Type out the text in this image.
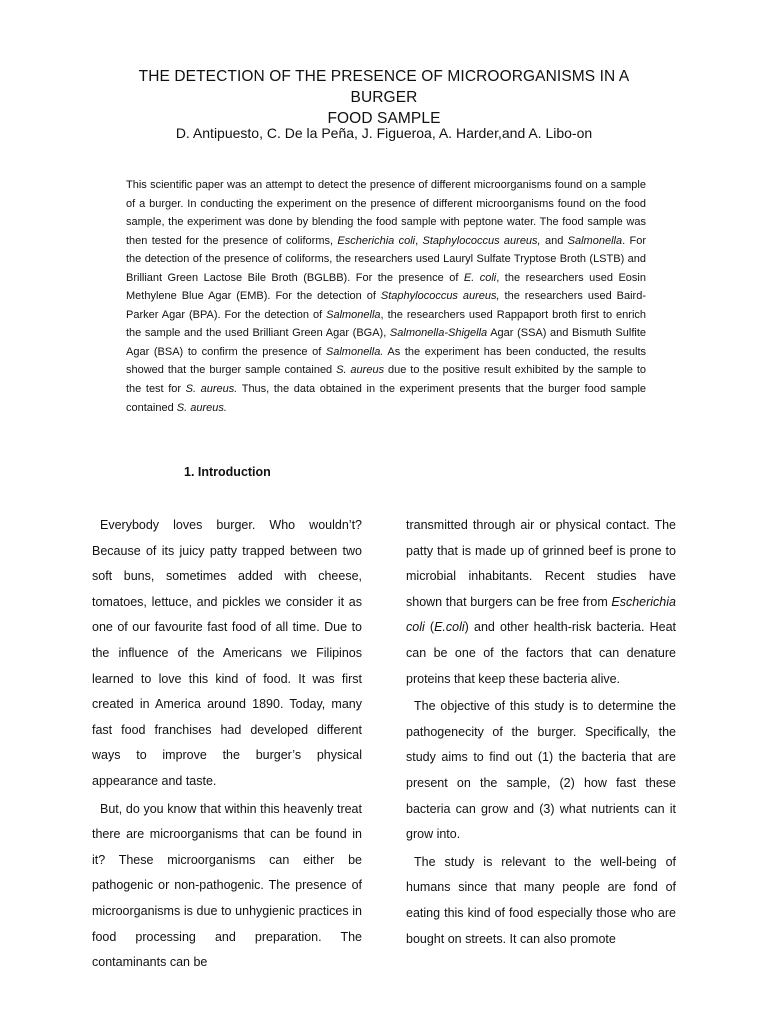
THE DETECTION OF THE PRESENCE OF MICROORGANISMS IN A BURGER
FOOD SAMPLE
D. Antipuesto, C. De la Peña, J. Figueroa, A. Harder,and A. Libo-on

This scientific paper was an attempt to detect the presence of different microorganisms found on a sample of a burger. In conducting the experiment on the presence of different microorganisms found on the food sample, the experiment was done by blending the food sample with peptone water. The food sample was then tested for the presence of coliforms, Escherichia coli, Staphylococcus aureus, and Salmonella. For the detection of the presence of coliforms, the researchers used Lauryl Sulfate Tryptose Broth (LSTB) and Brilliant Green Lactose Bile Broth (BGLBB). For the presence of E. coli, the researchers used Eosin Methylene Blue Agar (EMB). For the detection of Staphylococcus aureus, the researchers used Baird-Parker Agar (BPA). For the detection of Salmonella, the researchers used Rappaport broth first to enrich the sample and the used Brilliant Green Agar (BGA), Salmonella-Shigella Agar (SSA) and Bismuth Sulfite Agar (BSA) to confirm the presence of Salmonella. As the experiment has been conducted, the results showed that the burger sample contained S. aureus due to the positive result exhibited by the sample to the test for S. aureus. Thus, the data obtained in the experiment presents that the burger food sample contained S. aureus.

1. Introduction

Everybody loves burger. Who wouldn’t? Because of its juicy patty trapped between two soft buns, sometimes added with cheese, tomatoes, lettuce, and pickles we consider it as one of our favourite fast food of all time. Due to the influence of the Americans we Filipinos learned to love this kind of food. It was first created in America around 1890. Today, many fast food franchises had developed different ways to improve the burger’s physical appearance and taste.

But, do you know that within this heavenly treat there are microorganisms that can be found in it? These microorganisms can either be pathogenic or non-pathogenic. The presence of microorganisms is due to unhygienic practices in food processing and preparation. The contaminants can be

transmitted through air or physical contact. The patty that is made up of grinned beef is prone to microbial inhabitants. Recent studies have shown that burgers can be free from Escherichia coli (E.coli) and other health-risk bacteria. Heat can be one of the factors that can denature proteins that keep these bacteria alive.

The objective of this study is to determine the pathogenecity of the burger. Specifically, the study aims to find out (1) the bacteria that are present on the sample, (2) how fast these bacteria can grow and (3) what nutrients can it grow into.

The study is relevant to the well-being of humans since that many people are fond of eating this kind of food especially those who are bought on streets. It can also promote
